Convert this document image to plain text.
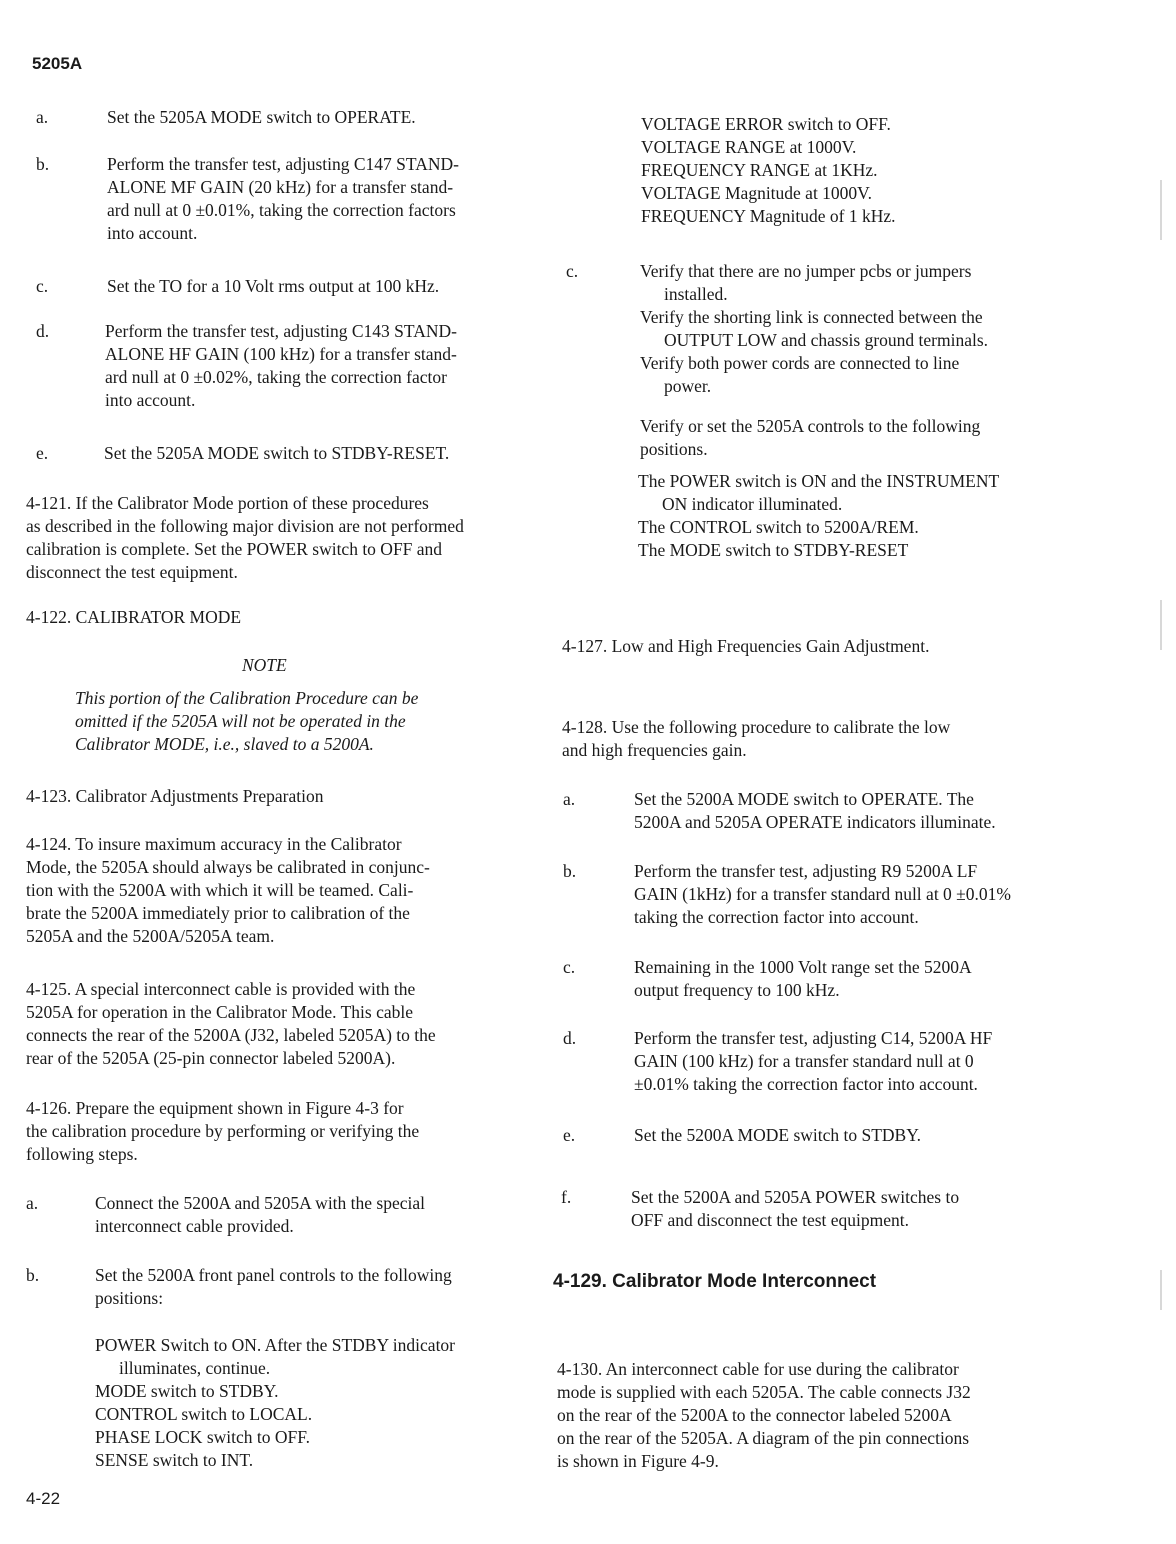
5205A
a.	Set the 5205A MODE switch to OPERATE.
b.	Perform the transfer test, adjusting C147 STAND-
ALONE MF GAIN (20 kHz) for a transfer stand-
ard null at 0 ±0.01%, taking the correction factors
into account.
c.	Set the TO for a 10 Volt rms output at 100 kHz.
d.	Perform the transfer test, adjusting C143 STAND-
ALONE HF GAIN (100 kHz) for a transfer stand-
ard null at 0 ±0.02%, taking the correction factor
into account.
e.	Set the 5205A MODE switch to STDBY-RESET.
4-121. If the Calibrator Mode portion of these procedures
as described in the following major division are not performed
calibration is complete. Set the POWER switch to OFF and
disconnect the test equipment.
4-122. CALIBRATOR MODE
NOTE
This portion of the Calibration Procedure can be
omitted if the 5205A will not be operated in the
Calibrator MODE, i.e., slaved to a 5200A.
4-123. Calibrator Adjustments Preparation
4-124. To insure maximum accuracy in the Calibrator
Mode, the 5205A should always be calibrated in conjunc-
tion with the 5200A with which it will be teamed. Cali-
brate the 5200A immediately prior to calibration of the
5205A and the 5200A/5205A team.
4-125. A special interconnect cable is provided with the
5205A for operation in the Calibrator Mode. This cable
connects the rear of the 5200A (J32, labeled 5205A) to the
rear of the 5205A (25-pin connector labeled 5200A).
4-126. Prepare the equipment shown in Figure 4-3 for
the calibration procedure by performing or verifying the
following steps.
a.	Connect the 5200A and 5205A with the special
interconnect cable provided.
b.	Set the 5200A front panel controls to the following
positions:
POWER Switch to ON. After the STDBY indicator
illuminates, continue.
MODE switch to STDBY.
CONTROL switch to LOCAL.
PHASE LOCK switch to OFF.
SENSE switch to INT.
4-22
VOLTAGE ERROR switch to OFF.
VOLTAGE RANGE at 1000V.
FREQUENCY RANGE at 1KHz.
VOLTAGE Magnitude at 1000V.
FREQUENCY Magnitude of 1 kHz.
c.	Verify that there are no jumper pcbs or jumpers
installed.
Verify the shorting link is connected between the
OUTPUT LOW and chassis ground terminals.
Verify both power cords are connected to line
power.
Verify or set the 5205A controls to the following
positions.
The POWER switch is ON and the INSTRUMENT
ON indicator illuminated.
The CONTROL switch to 5200A/REM.
The MODE switch to STDBY-RESET
4-127. Low and High Frequencies Gain Adjustment.
4-128. Use the following procedure to calibrate the low
and high frequencies gain.
a.	Set the 5200A MODE switch to OPERATE. The
5200A and 5205A OPERATE indicators illuminate.
b.	Perform the transfer test, adjusting R9 5200A LF
GAIN (1kHz) for a transfer standard null at 0 ±0.01%
taking the correction factor into account.
c.	Remaining in the 1000 Volt range set the 5200A
output frequency to 100 kHz.
d.	Perform the transfer test, adjusting C14, 5200A HF
GAIN (100 kHz) for a transfer standard null at 0
±0.01% taking the correction factor into account.
e.	Set the 5200A MODE switch to STDBY.
f.	Set the 5200A and 5205A POWER switches to
OFF and disconnect the test equipment.
4-129. Calibrator Mode Interconnect
4-130. An interconnect cable for use during the calibrator
mode is supplied with each 5205A. The cable connects J32
on the rear of the 5200A to the connector labeled 5200A
on the rear of the 5205A. A diagram of the pin connections
is shown in Figure 4-9.
